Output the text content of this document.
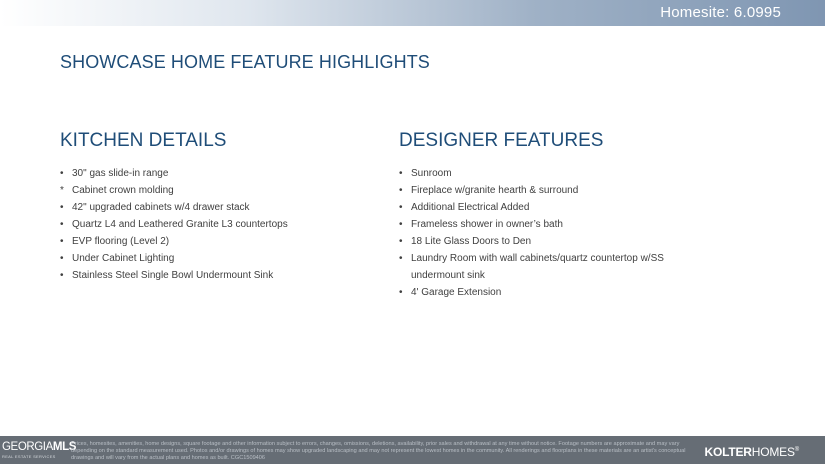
Homesite: 6.0995
SHOWCASE HOME FEATURE HIGHLIGHTS
KITCHEN DETAILS	DESIGNER FEATURES
• 30" gas slide-in range
* Cabinet crown molding
• 42" upgraded cabinets w/4 drawer stack
• Quartz L4 and Leathered Granite L3 countertops
• EVP flooring (Level 2)
• Under Cabinet Lighting
• Stainless Steel Single Bowl Undermount Sink
• Sunroom
• Fireplace w/granite hearth & surround
• Additional Electrical Added
• Frameless shower in owner’s bath
• 18 Lite Glass Doors to Den
• Laundry Room with wall cabinets/quartz countertop w/SS undermount sink
• 4' Garage Extension
GEORGIAMLS
REAL ESTATE SERVICES
Prices, homesites, amenities, home designs, square footage and other information subject to errors, changes, omissions, deletions, availability, prior sales and withdrawal at any time without notice. Footage numbers are approximate and may vary depending on the standard measurement used. Photos and/or drawings of homes may show upgraded landscaping and may not represent the lowest homes in the community. All renderings and floorplans in these materials are an artist's conceptual drawings and will vary from the actual plans and homes as built. CGC1509406	KOLTERHOMES®
